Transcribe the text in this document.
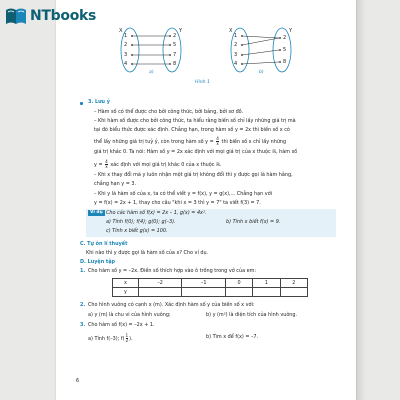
NTbooks
X	Y
1
2
3
4
2
5
7
8
a)
X	Y
1
2
3
4
2
5
8
b)
Hình 1
3. Lưu ý
– Hàm số có thể được cho bởi công thức, bởi bảng, bởi sơ đồ.
– Khi hàm số được cho bởi công thức, ta hiểu rằng biến số chỉ lấy những giá trị mà
tại đó biểu thức được xác định. Chẳng hạn, trong hàm số y = 2x thì biến số x có
thể lấy những giá trị tuỳ ý, còn trong hàm số $y = \frac{4}{x}$ thì biến số x chỉ lấy những
giá trị khác 0. Ta nói: Hàm số y = 2x xác định với mọi giá trị của x thuộc ℝ, hàm số
$y = \frac{4}{x}$ xác định với mọi giá trị khác 0 của x thuộc ℝ.
– Khi x thay đổi mà y luôn nhận một giá trị không đổi thì y được gọi là hàm hằng,
chẳng hạn y = 3.
– Khi y là hàm số của x, ta có thể viết y = f(x), y = g(x),... Chẳng hạn với
y = f(x) = 2x + 1, thay cho câu "khi x = 3 thì y = 7" ta viết f(3) = 7.
Ví dụ Cho các hàm số f(x) = 2x – 1, g(x) = 4x².
a) Tính f(0); f(4); g(0); g(–3).	b) Tính x biết f(x) = 9.
c) Tính x biết g(x) = 100.
C. Tự ôn lí thuyết
Khi nào thì y được gọi là hàm số của x? Cho ví dụ.
D. Luyện tập
1. Cho hàm số y = –2x. Điền số thích hợp vào ô trống trong vở của em:
x	–2	–1	0	1	2
y					
2. Cho hình vuông có cạnh x (m). Xác định hàm số y của biến số x với:
a) y (m) là chu vi của hình vuông;	b) y (m²) là diện tích của hình vuông.
3. Cho hàm số f(x) = –2x + 1.
a) Tính f(–3); $f( \frac{1}{2}$ ).	b) Tìm x để f(x) = –7.
6
